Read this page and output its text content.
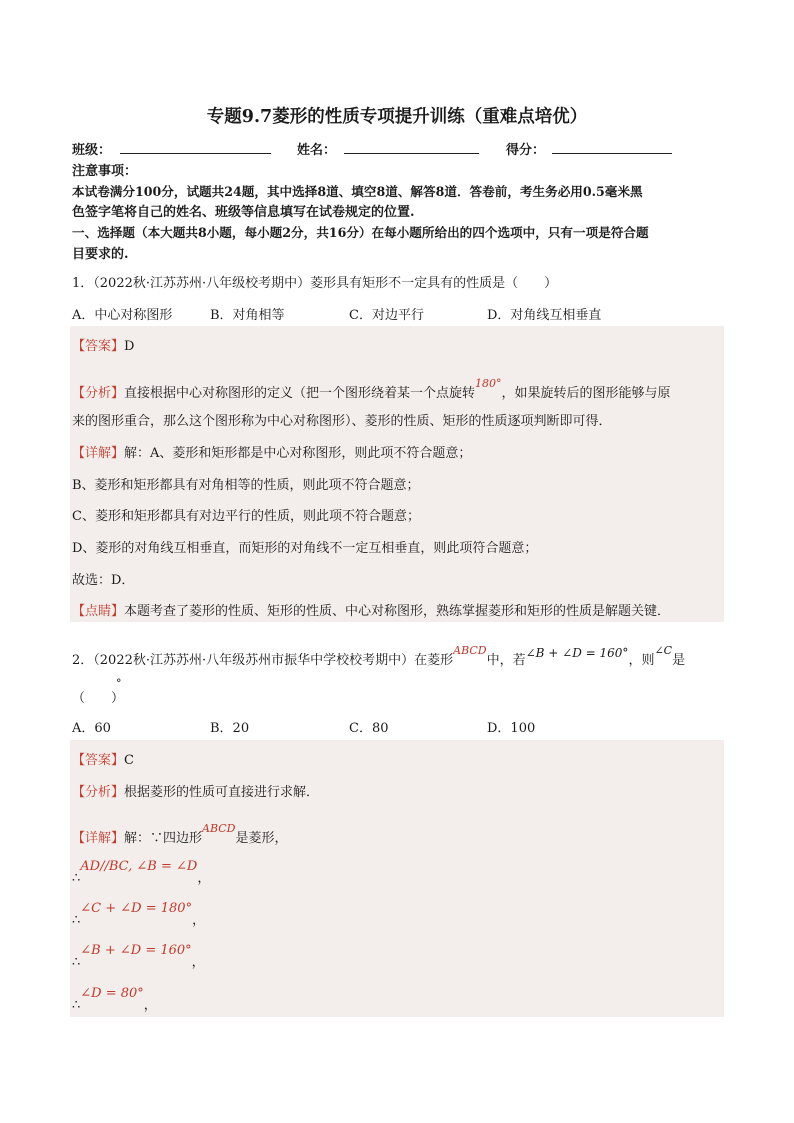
专题9.7菱形的性质专项提升训练（重难点培优）
班级：	姓名：	得分：
注意事项：
本试卷满分100分，试题共24题，其中选择8道、填空8道、解答8道．答卷前，考生务必用0.5毫米黑
色签字笔将自己的姓名、班级等信息填写在试卷规定的位置.
一、选择题（本大题共8小题，每小题2分，共16分）在每小题所给出的四个选项中，只有一项是符合题
目要求的.
1．（2022秋·江苏苏州·八年级校考期中）菱形具有矩形不一定具有的性质是（　　）
A．中心对称图形	B．对角相等	C．对边平行	D．对角线互相垂直
【答案】D
【分析】直接根据中心对称图形的定义（把一个图形绕着某一个点旋转$^{180^\circ}$，如果旋转后的图形能够与原
来的图形重合，那么这个图形称为中心对称图形）、菱形的性质、矩形的性质逐项判断即可得．
【详解】解：A、菱形和矩形都是中心对称图形，则此项不符合题意；
B、菱形和矩形都具有对角相等的性质，则此项不符合题意；
C、菱形和矩形都具有对边平行的性质，则此项不符合题意；
D、菱形的对角线互相垂直，而矩形的对角线不一定互相垂直，则此项符合题意；
故选：D．
【点睛】本题考查了菱形的性质、矩形的性质、中心对称图形，熟练掌握菱形和矩形的性质是解题关键．
2．（2022秋·江苏苏州·八年级苏州市振华中学校校考期中）在菱形$^{ABCD}$中，若∠B + ∠D = 160°，则$^{\angle C}$是
°
（　　）
A．60	B．20	C．80	D．100
【答案】C
【分析】根据菱形的性质可直接进行求解．
【详解】解：∵四边形$^{ABCD}$是菱形，
∴AD//BC, ∠B = ∠D，
∴∠C + ∠D = 180°，
∴∠B + ∠D = 160°，
∴∠D = 80°，
